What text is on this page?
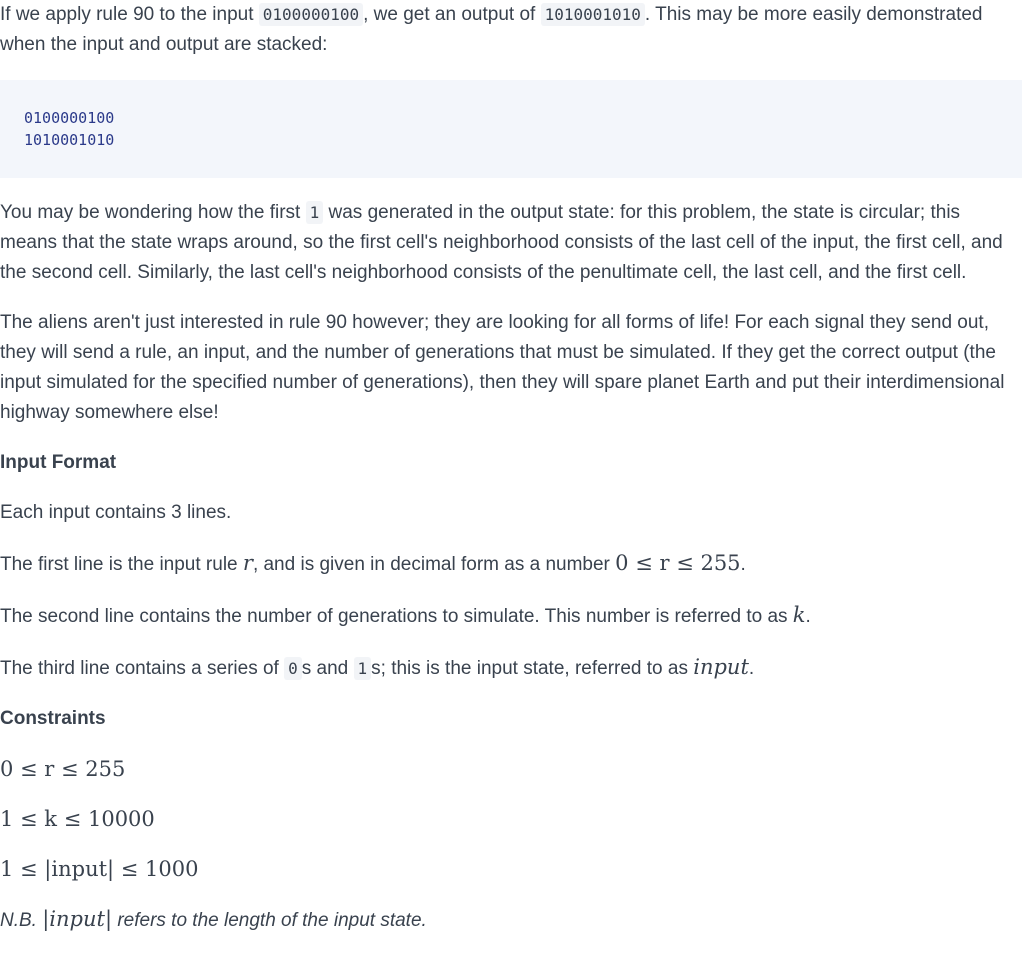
If we apply rule 90 to the input 0100000100 , we get an output of 1010001010 . This may be more easily demonstrated when the input and output are stacked:

0100000100
1010001010

You may be wondering how the first 1 was generated in the output state: for this problem, the state is circular; this means that the state wraps around, so the first cell's neighborhood consists of the last cell of the input, the first cell, and the second cell. Similarly, the last cell's neighborhood consists of the penultimate cell, the last cell, and the first cell.

The aliens aren't just interested in rule 90 however; they are looking for all forms of life! For each signal they send out, they will send a rule, an input, and the number of generations that must be simulated. If they get the correct output (the input simulated for the specified number of generations), then they will spare planet Earth and put their interdimensional highway somewhere else!

Input Format

Each input contains 3 lines.

The first line is the input rule r, and is given in decimal form as a number 0 ≤ r ≤ 255.

The second line contains the number of generations to simulate. This number is referred to as k.

The third line contains a series of 0 s and 1 s; this is the input state, referred to as input.

Constraints

0 ≤ r ≤ 255

1 ≤ k ≤ 10000

1 ≤ |input| ≤ 1000

N.B. |input| refers to the length of the input state.
